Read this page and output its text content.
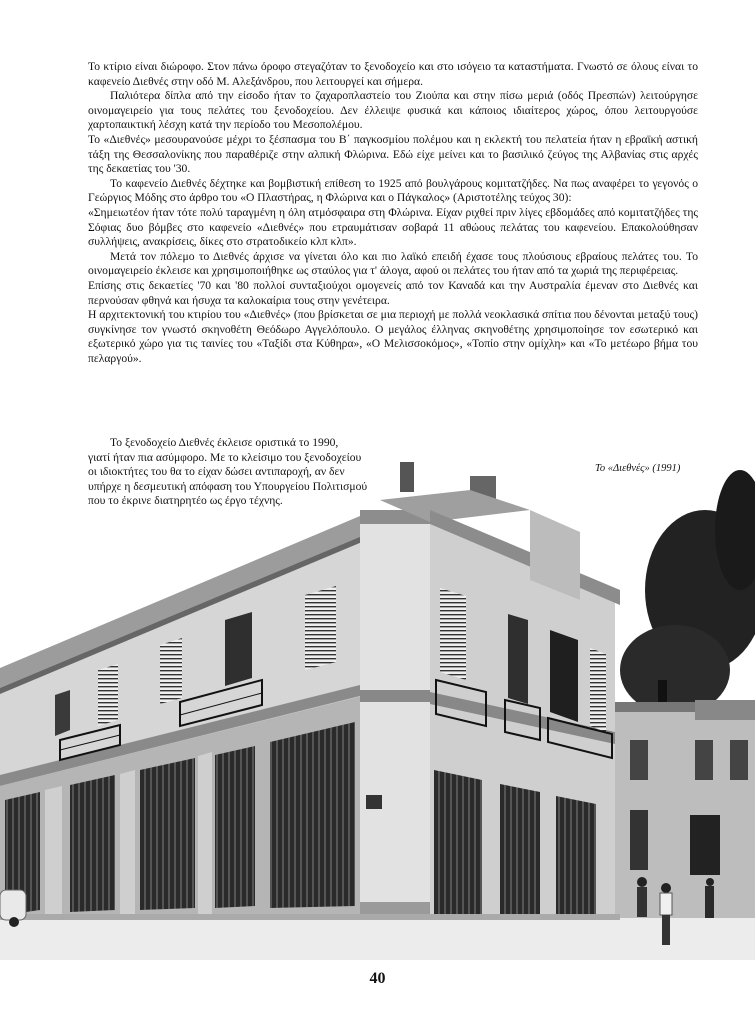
Το κτίριο είναι διώροφο. Στον πάνω όροφο στεγαζόταν το ξενοδοχείο και στο ισόγειο τα καταστήματα. Γνωστό σε όλους είναι το καφενείο Διεθνές στην οδό Μ. Αλεξάνδρου, που λειτουργεί και σήμερα.

Παλιότερα δίπλα από την είσοδο ήταν το ζαχαροπλαστείο του Ζιούπα και στην πίσω μεριά (οδός Πρεσπών) λειτούργησε οινομαγειρείο για τους πελάτες του ξενοδοχείου. Δεν έλλειψε φυσικά και κάποιος ιδιαίτερος χώρος, όπου λειτουργούσε χαρτοπαικτική λέσχη κατά την περίοδο του Μεσοπολέμου.

Το «Διεθνές» μεσουρανούσε μέχρι το ξέσπασμα του Β΄ παγκοσμίου πολέμου και η εκλεκτή του πελατεία ήταν η εβραϊκή αστική τάξη της Θεσσαλονίκης που παραθέριζε στην αλπική Φλώρινα. Εδώ είχε μείνει και το βασιλικό ζεύγος της Αλβανίας στις αρχές της δεκαετίας του '30.

Το καφενείο Διεθνές δέχτηκε και βομβιστική επίθεση το 1925 από βουλγάρους κομιτατζήδες. Να πως αναφέρει το γεγονός ο Γεώργιος Μόδης στο άρθρο του «Ο Πλαστήρας, η Φλώρινα και ο Πάγκαλος» (Αριστοτέλης τεύχος 30):

«Σημειωτέον ήταν τότε πολύ ταραγμένη η όλη ατμόσφαιρα στη Φλώρινα. Είχαν ριχθεί πριν λίγες εβδομάδες από κομιτατζήδες της Σόφιας δυο βόμβες στο καφενείο «Διεθνές» που ετραυμάτισαν σοβαρά 11 αθώους πελάτας του καφενείου. Επακολούθησαν συλλήψεις, ανακρίσεις, δίκες στο στρατοδικείο κλπ κλπ».

Μετά τον πόλεμο το Διεθνές άρχισε να γίνεται όλο και πιο λαϊκό επειδή έχασε τους πλούσιους εβραίους πελάτες του. Το οινομαγειρείο έκλεισε και χρησιμοποιήθηκε ως σταύλος για τ' άλογα, αφού οι πελάτες του ήταν από τα χωριά της περιφέρειας.

Επίσης στις δεκαετίες '70 και '80 πολλοί συνταξιούχοι ομογενείς από τον Καναδά και την Αυστραλία έμεναν στο Διεθνές και περνούσαν φθηνά και ήσυχα τα καλοκαίρια τους στην γενέτειρα.

Η αρχιτεκτονική του κτιρίου του «Διεθνές» (που βρίσκεται σε μια περιοχή με πολλά νεοκλασικά σπίτια που δένονται μεταξύ τους) συγκίνησε τον γνωστό σκηνοθέτη Θεόδωρο Αγγελόπουλο. Ο μεγάλος έλληνας σκηνοθέτης χρησιμοποίησε τον εσωτερικό και εξωτερικό χώρο για τις ταινίες του «Ταξίδι στα Κύθηρα», «Ο Μελισσοκόμος», «Τοπίο στην ομίχλη» και «Το μετέωρο βήμα του πελαργού».

Το ξενοδοχείο Διεθνές έκλεισε οριστικά το 1990,

γιατί ήταν πια ασύμφορο. Με το κλείσιμο του ξενοδοχείου οι ιδιοκτήτες του θα το είχαν δώσει αντιπαροχή, αν δεν υπήρχε η δεσμευτική απόφαση του Υπουργείου Πολιτισμού που το έκρινε διατηρητέο ως έργο τέχνης.

Το «Διεθνές» (1991)
40
